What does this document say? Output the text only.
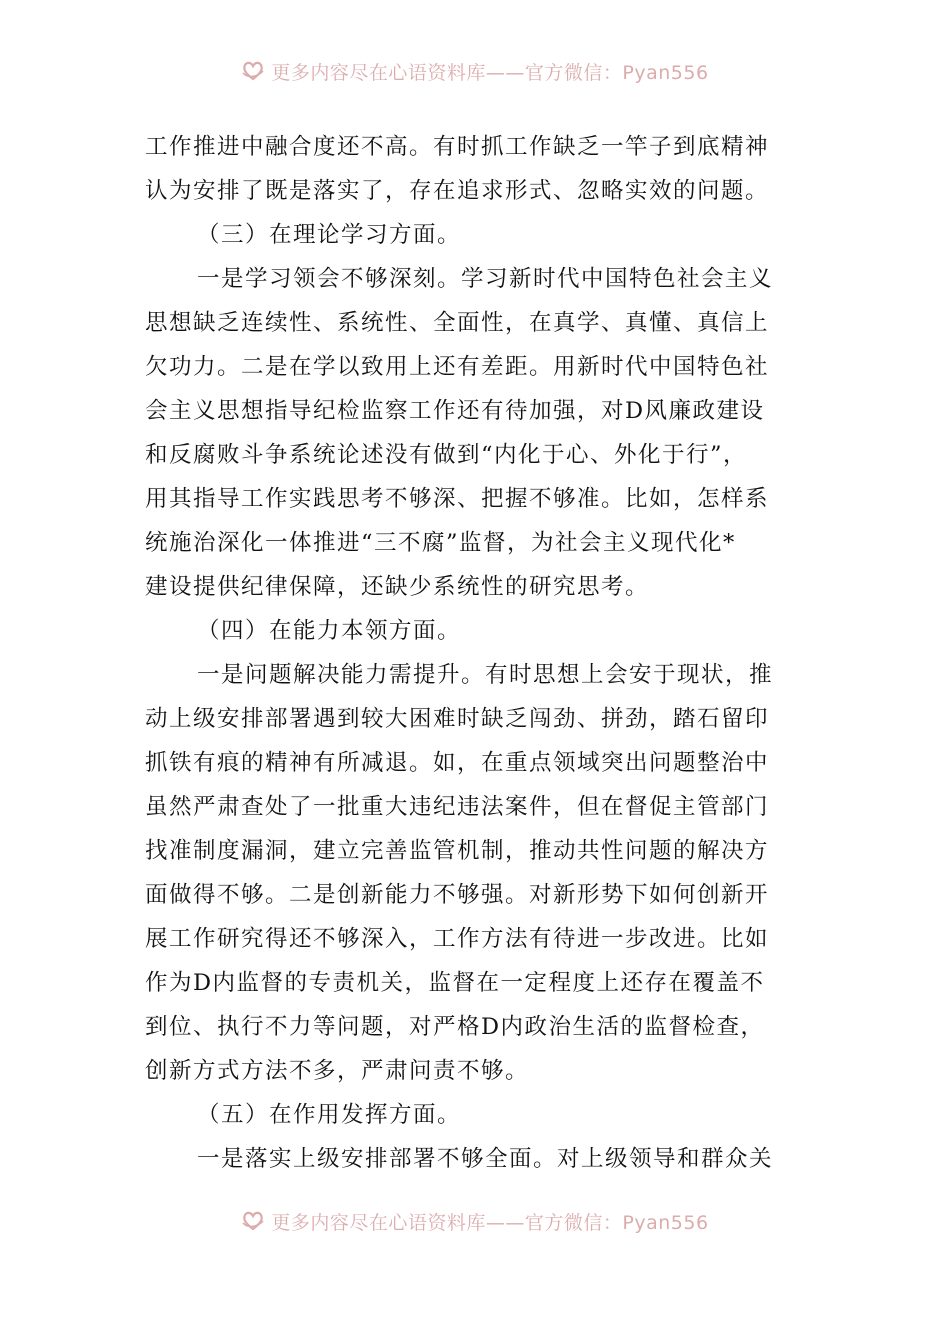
更多内容尽在心语资料库——官方微信：Pyan556
工作推进中融合度还不高。有时抓工作缺乏一竿子到底精神
认为安排了既是落实了，存在追求形式、忽略实效的问题。
（三）在理论学习方面。
一是学习领会不够深刻。学习新时代中国特色社会主义
思想缺乏连续性、系统性、全面性，在真学、真懂、真信上
欠功力。二是在学以致用上还有差距。用新时代中国特色社
会主义思想指导纪检监察工作还有待加强，对D风廉政建设
和反腐败斗争系统论述没有做到“内化于心、外化于行”，
用其指导工作实践思考不够深、把握不够准。比如，怎样系
统施治深化一体推进“三不腐”监督，为社会主义现代化*
建设提供纪律保障，还缺少系统性的研究思考。
（四）在能力本领方面。
一是问题解决能力需提升。有时思想上会安于现状，推
动上级安排部署遇到较大困难时缺乏闯劲、拼劲，踏石留印
抓铁有痕的精神有所减退。如，在重点领域突出问题整治中
虽然严肃查处了一批重大违纪违法案件，但在督促主管部门
找准制度漏洞，建立完善监管机制，推动共性问题的解决方
面做得不够。二是创新能力不够强。对新形势下如何创新开
展工作研究得还不够深入，工作方法有待进一步改进。比如
作为D内监督的专责机关，监督在一定程度上还存在覆盖不
到位、执行不力等问题，对严格D内政治生活的监督检查，
创新方式方法不多，严肃问责不够。
（五）在作用发挥方面。
一是落实上级安排部署不够全面。对上级领导和群众关
更多内容尽在心语资料库——官方微信：Pyan556
